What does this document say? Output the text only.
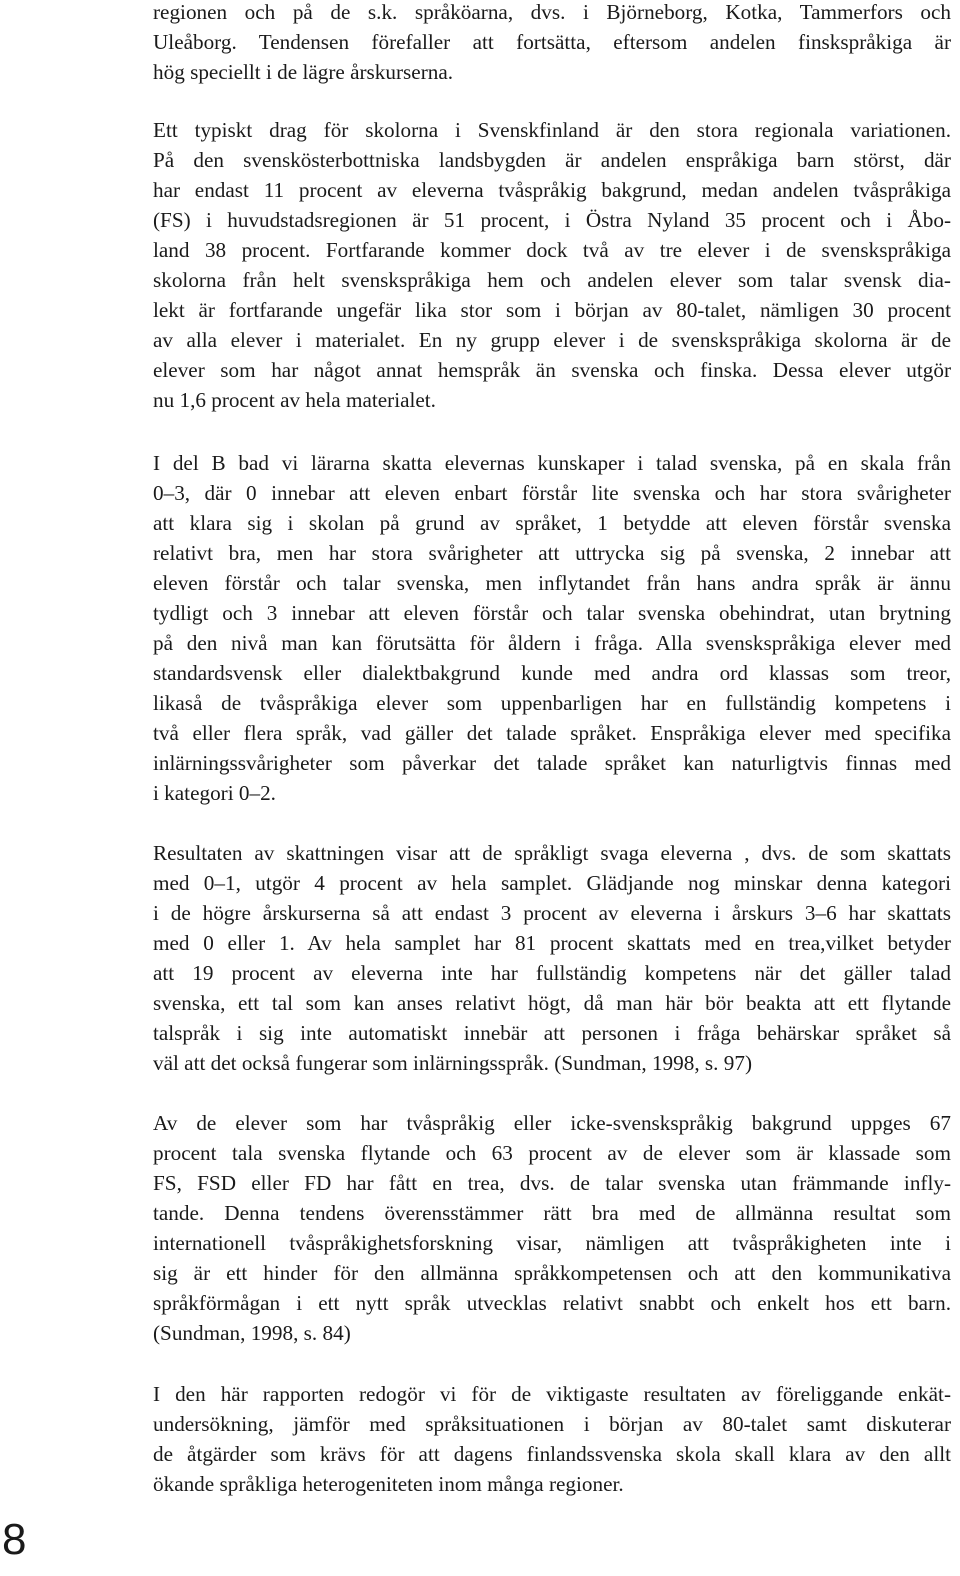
regionen och på de s.k. språköarna, dvs. i Björneborg, Kotka, Tammerfors och
Uleåborg. Tendensen förefaller att fortsätta, eftersom andelen finskspråkiga är
hög speciellt i de lägre årskurserna.
Ett typiskt drag för skolorna i Svenskfinland är den stora regionala variationen.
På den svenskösterbottniska landsbygden är andelen enspråkiga barn störst, där
har endast 11 procent av eleverna tvåspråkig bakgrund, medan andelen tvåspråkiga
(FS) i huvudstadsregionen är 51 procent, i Östra Nyland 35 procent och i Åbo-
land 38 procent. Fortfarande kommer dock två av tre elever i de svenskspråkiga
skolorna från helt svenskspråkiga hem och andelen elever som talar svensk dia-
lekt är fortfarande ungefär lika stor som i början av 80-talet, nämligen 30 procent
av alla elever i materialet. En ny grupp elever i de svenskspråkiga skolorna är de
elever som har något annat hemspråk än svenska och finska. Dessa elever utgör
nu 1,6 procent av hela materialet.
I del B bad vi lärarna skatta elevernas kunskaper i talad svenska, på en skala från
0–3, där 0 innebar att eleven enbart förstår lite svenska och har stora svårigheter
att klara sig i skolan på grund av språket, 1 betydde att eleven förstår svenska
relativt bra, men har stora svårigheter att uttrycka sig på svenska, 2 innebar att
eleven förstår och talar svenska, men inflytandet från hans andra språk är ännu
tydligt och 3 innebar att eleven förstår och talar svenska obehindrat, utan brytning
på den nivå man kan förutsätta för åldern i fråga. Alla svenskspråkiga elever med
standardsvensk eller dialektbakgrund kunde med andra ord klassas som treor,
likaså de tvåspråkiga elever som uppenbarligen har en fullständig kompetens i
två eller flera språk, vad gäller det talade språket. Enspråkiga elever med specifika
inlärningssvårigheter som påverkar det talade språket kan naturligtvis finnas med
i kategori 0–2.
Resultaten av skattningen visar att de språkligt svaga eleverna , dvs. de som skattats
med 0–1, utgör 4 procent av hela samplet. Glädjande nog minskar denna kategori
i de högre årskurserna så att endast 3 procent av eleverna i årskurs 3–6 har skattats
med 0 eller 1. Av hela samplet har 81 procent skattats med en trea,vilket betyder
att 19 procent av eleverna inte har fullständig kompetens när det gäller talad
svenska, ett tal som kan anses relativt högt, då man här bör beakta att ett flytande
talspråk i sig inte automatiskt innebär att personen i fråga behärskar språket så
väl att det också fungerar som inlärningsspråk. (Sundman, 1998, s. 97)
Av de elever som har tvåspråkig eller icke-svenskspråkig bakgrund uppges 67
procent tala svenska flytande och 63 procent av de elever som är klassade som
FS, FSD eller FD har fått en trea, dvs. de talar svenska utan främmande infly-
tande. Denna tendens överensstämmer rätt bra med de allmänna resultat som
internationell tvåspråkighetsforskning visar, nämligen att tvåspråkigheten inte i
sig är ett hinder för den allmänna språkkompetensen och att den kommunikativa
språkförmågan i ett nytt språk utvecklas relativt snabbt och enkelt hos ett barn.
(Sundman, 1998, s. 84)
I den här rapporten redogör vi för de viktigaste resultaten av föreliggande enkät-
undersökning, jämför med språksituationen i början av 80-talet samt diskuterar
de åtgärder som krävs för att dagens finlandssvenska skola skall klara av den allt
ökande språkliga heterogeniteten inom många regioner.
8
